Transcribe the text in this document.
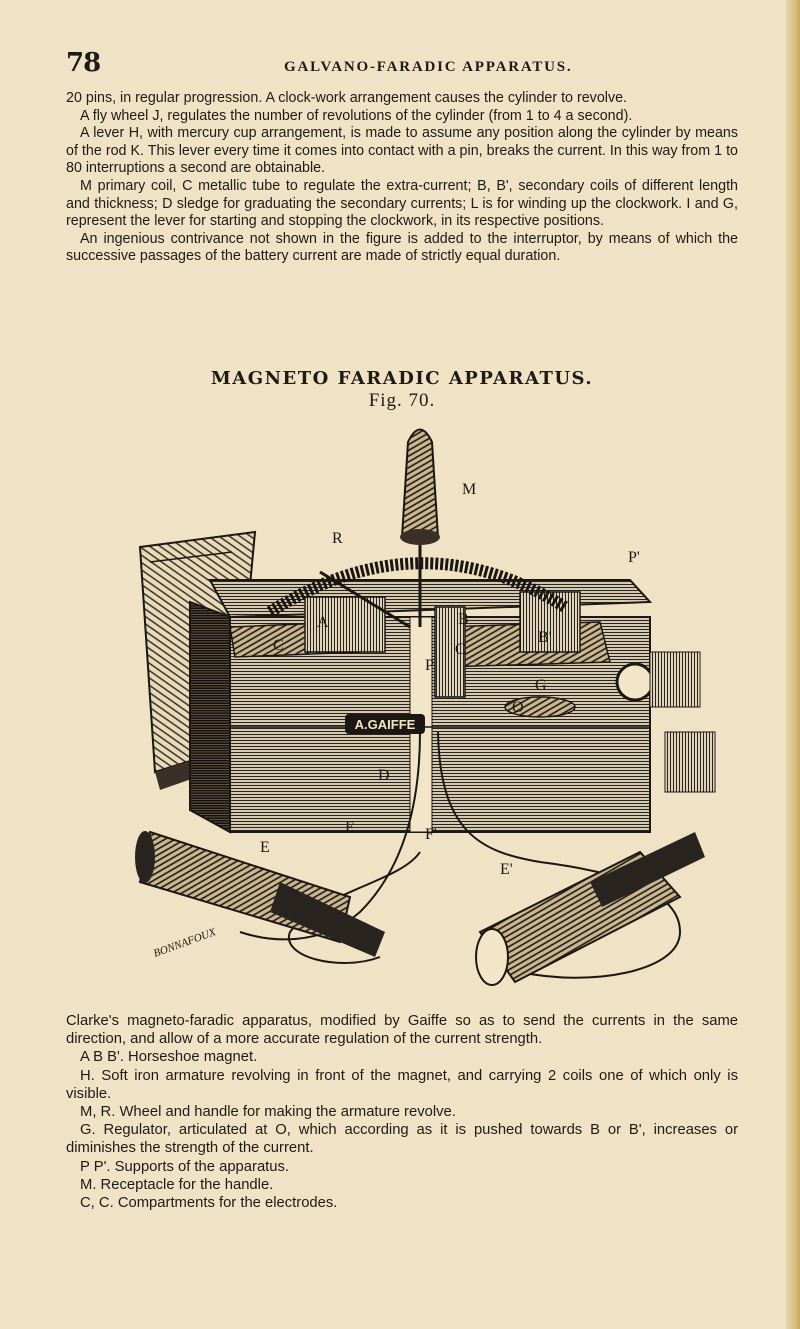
78	GALVANO-FARADIC APPARATUS.

20 pins, in regular progression. A clock-work arrangement causes the cylinder to revolve.

A fly wheel J, regulates the number of revolutions of the cylinder (from 1 to 4 a second).

A lever H, with mercury cup arrangement, is made to assume any position along the cylinder by means of the rod K. This lever every time it comes into contact with a pin, breaks the current. In this way from 1 to 80 interruptions a second are obtainable.

M primary coil, C metallic tube to regulate the extra-current; B, B', secondary coils of different length and thickness; D sledge for graduating the secondary currents; L is for winding up the clockwork. I and G, represent the lever for starting and stopping the clockwork, in its respective positions.

An ingenious contrivance not shown in the figure is added to the interruptor, by means of which the successive passages of the battery current are made of strictly equal duration.

MAGNETO FARADIC APPARATUS.
Fig. 70.
A.GAIFFE
BONNAFOUX
M
R
P'
A	B
B'
C	C
P
G
O
D
E
F	F'
E'

Clarke's magneto-faradic apparatus, modified by Gaiffe so as to send the currents in the same direction, and allow of a more accurate regulation of the current strength.

A B B'. Horseshoe magnet.

H. Soft iron armature revolving in front of the magnet, and carrying 2 coils one of which only is visible.

M, R. Wheel and handle for making the armature revolve.

G. Regulator, articulated at O, which according as it is pushed towards B or B', increases or diminishes the strength of the current.

P P'. Supports of the apparatus.

M. Receptacle for the handle.

C, C. Compartments for the electrodes.
